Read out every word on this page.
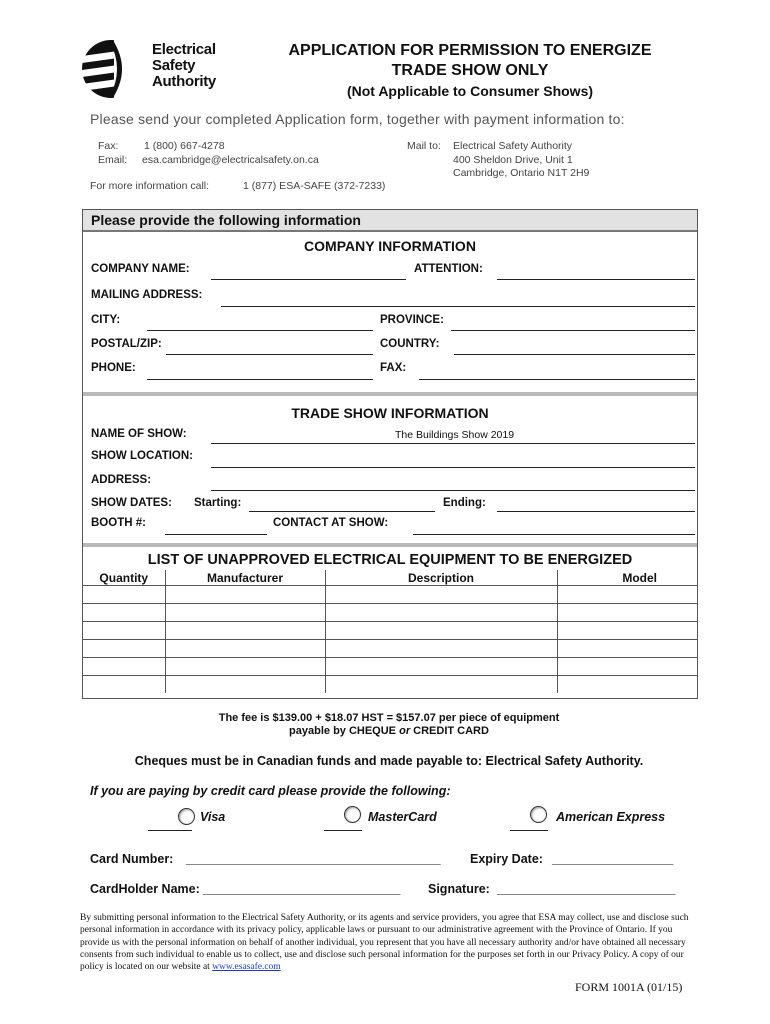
Electrical
Safety
Authority
APPLICATION FOR PERMISSION TO ENERGIZE
TRADE SHOW ONLY
(Not Applicable to Consumer Shows)
Please send your completed Application form, together with payment information to:
Fax: 1 (800) 667-4278
Email: esa.cambridge@electricalsafety.on.ca
Mail to: Electrical Safety Authority
400 Sheldon Drive, Unit 1
Cambridge, Ontario N1T 2H9
For more information call:	1 (877) ESA-SAFE (372-7233)
Please provide the following information
COMPANY INFORMATION
COMPANY NAME:	ATTENTION:
MAILING ADDRESS:
CITY:	PROVINCE:
POSTAL/ZIP:	COUNTRY:
PHONE:	FAX:
TRADE SHOW INFORMATION
NAME OF SHOW:	The Buildings Show 2019
SHOW LOCATION:
ADDRESS:
SHOW DATES: Starting:	Ending:
BOOTH #:	CONTACT AT SHOW:
LIST OF UNAPPROVED ELECTRICAL EQUIPMENT TO BE ENERGIZED
Quantity	Manufacturer	Description	Model

The fee is $139.00 + $18.07 HST = $157.07 per piece of equipment
payable by CHEQUE or CREDIT CARD
Cheques must be in Canadian funds and made payable to: Electrical Safety Authority.
If you are paying by credit card please provide the following:
Visa	MasterCard	American Express
Card Number: ________________________________________ Expiry Date: ___________________
CardHolder Name: _______________________________ Signature: ____________________________
By submitting personal information to the Electrical Safety Authority, or its agents and service providers, you agree that ESA may collect, use and disclose such personal information in accordance with its privacy policy, applicable laws or pursuant to our administrative agreement with the Province of Ontario. If you provide us with the personal information on behalf of another individual, you represent that you have all necessary authority and/or have obtained all necessary consents from such individual to enable us to collect, use and disclose such personal information for the purposes set forth in our Privacy Policy. A copy of our policy is located on our website at www.esasafe.com
FORM 1001A (01/15)
